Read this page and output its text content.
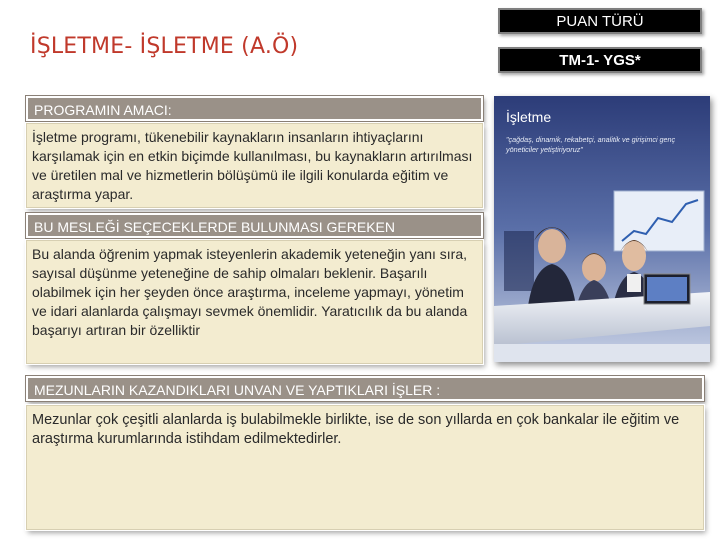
İŞLETME- İŞLETME (A.Ö)
PUAN TÜRÜ
TM-1- YGS*
PROGRAMIN AMACI:
İşletme programı, tükenebilir kaynakların insanların ihtiyaçlarını karşılamak için en etkin biçimde kullanılması, bu kaynakların artırılması ve üretilen mal ve hizmetlerin bölüşümü ile ilgili konularda eğitim ve araştırma yapar.
BU MESLEĞİ SEÇECEKLERDE BULUNMASI GEREKEN
Bu alanda öğrenim yapmak isteyenlerin akademik yeteneğin yanı sıra, sayısal düşünme yeteneğine de sahip olmaları beklenir. Başarılı olabilmek için her şeyden önce araştırma, inceleme yapmayı, yönetim ve idari alanlarda çalışmayı sevmek önemlidir. Yaratıcılık da bu alanda başarıyı artıran bir özelliktir
MEZUNLARIN KAZANDIKLARI UNVAN VE YAPTIKLARI İŞLER :
Mezunlar çok çeşitli alanlarda iş bulabilmekle birlikte, ise de son yıllarda en çok bankalar ile eğitim ve araştırma kurumlarında istihdam edilmektedirler.
İşletme
"çağdaş, dinamik, rekabetçi, analitik ve girişimci genç yöneticiler yetiştiriyoruz"
